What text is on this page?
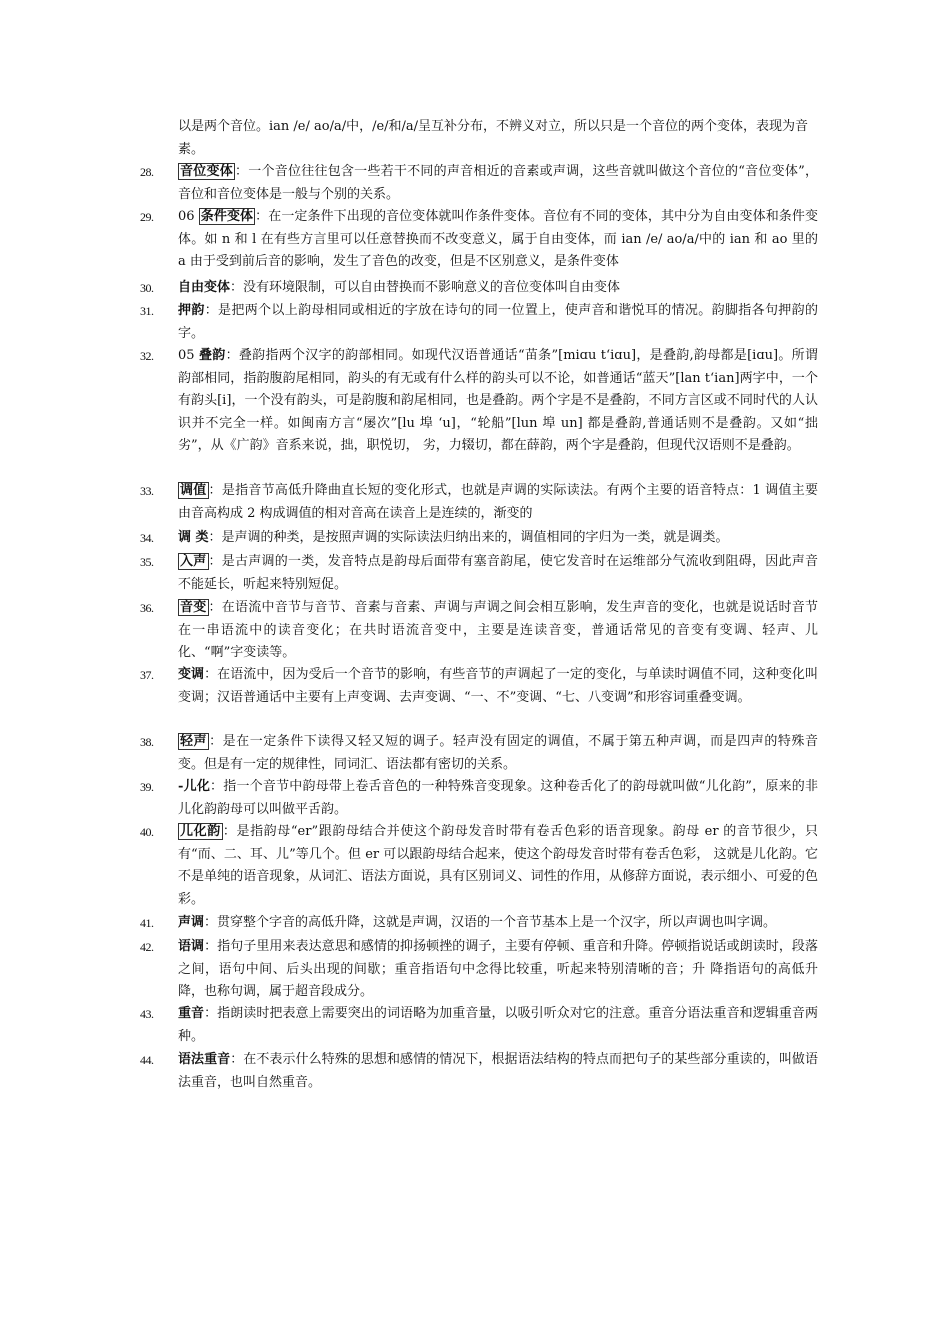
以是两个音位。ian /e/ ao/a/中，/e/和/a/呈互补分布，不辨义对立，所以只是一个音位的两个变体，表现为音素。
28.	音位变体 ：一个音位往往包含一些若干不同的声音相近的音素或声调，这些音就叫做这个音位的“音位变体”，音位和音位变体是一般与个别的关系。
29.	06 条件变体 ：在一定条件下出现的音位变体就叫作条件变体。音位有不同的变体，其中分为自由变体和条件变体。如 n 和 l 在有些方言里可以任意替换而不改变意义，属于自由变体，而 ian /e/ ao/a/中的 ian 和 ao 里的 a 由于受到前后音的影响，发生了音色的改变，但是不区别意义，是条件变体
30.	自由变体：没有环境限制，可以自由替换而不影响意义的音位变体叫自由变体
31.	押韵：是把两个以上韵母相同或相近的字放在诗句的同一位置上，使声音和谐悦耳的情况。韵脚指各句押韵的字。
32.	05 叠韵：叠韵指两个汉字的韵部相同。如现代汉语普通话“苗条”[miɑu t‘iɑu]，是叠韵,韵母都是[iɑu]。所谓韵部相同，指韵腹韵尾相同，韵头的有无或有什么样的韵头可以不论，如普通话“蓝天”[lan t‘ian]两字中，一个有韵头[i]，一个没有韵头，可是韵腹和韵尾相同，也是叠韵。两个字是不是叠韵，不同方言区或不同时代的人认识并不完全一样。如闽南方言“屡次”[lu 埠 ‘u]，“轮船”[lun 埠 un] 都是叠韵,普通话则不是叠韵。又如“拙劣”，从《广韵》音系来说，拙，职悦切， 劣，力辍切，都在薛韵，两个字是叠韵，但现代汉语则不是叠韵。
33.	调值 ：是指音节高低升降曲直长短的变化形式，也就是声调的实际读法。有两个主要的语音特点：1 调值主要由音高构成 2 构成调值的相对音高在读音上是连续的，渐变的
34.	调 类：是声调的种类，是按照声调的实际读法归纳出来的，调值相同的字归为一类，就是调类。
35.	入声 ：是古声调的一类，发音特点是韵母后面带有塞音韵尾，使它发音时在运维部分气流收到阻碍，因此声音不能延长，听起来特别短促。
36.	音变 ：在语流中音节与音节、音素与音素、声调与声调之间会相互影响，发生声音的变化，也就是说话时音节在一串语流中的读音变化；在共时语流音变中，主要是连读音变，普通话常见的音变有变调、轻声、儿化、“啊”字变读等。
37.	变调：在语流中，因为受后一个音节的影响，有些音节的声调起了一定的变化，与单读时调值不同，这种变化叫变调；汉语普通话中主要有上声变调、去声变调、“一、不”变调、“七、八变调”和形容词重叠变调。
38.	轻声 ：是在一定条件下读得又轻又短的调子。轻声没有固定的调值，不属于第五种声调，而是四声的特殊音变。但是有一定的规律性，同词汇、语法都有密切的关系。
39.	-儿化：指一个音节中韵母带上卷舌音色的一种特殊音变现象。这种卷舌化了的韵母就叫做“儿化韵”，原来的非儿化韵韵母可以叫做平舌韵。
40.	儿化韵 ：是指韵母“er”跟韵母结合并使这个韵母发音时带有卷舌色彩的语音现象。韵母 er 的音节很少，只有“而、二、耳、儿”等几个。但 er 可以跟韵母结合起来，使这个韵母发音时带有卷舌色彩， 这就是儿化韵。它不是单纯的语音现象，从词汇、语法方面说，具有区别词义、词性的作用，从修辞方面说，表示细小、可爱的色彩。
41.	声调：贯穿整个字音的高低升降，这就是声调，汉语的一个音节基本上是一个汉字，所以声调也叫字调。
42.	语调：指句子里用来表达意思和感情的抑扬顿挫的调子，主要有停顿、重音和升降。停顿指说话或朗读时，段落之间，语句中间、后头出现的间歇；重音指语句中念得比较重，听起来特别清晰的音；升 降指语句的高低升降，也称句调，属于超音段成分。
43.	重音：指朗读时把表意上需要突出的词语略为加重音量，以吸引听众对它的注意。重音分语法重音和逻辑重音两种。
44.	语法重音：在不表示什么特殊的思想和感情的情况下，根据语法结构的特点而把句子的某些部分重读的，叫做语法重音，也叫自然重音。
